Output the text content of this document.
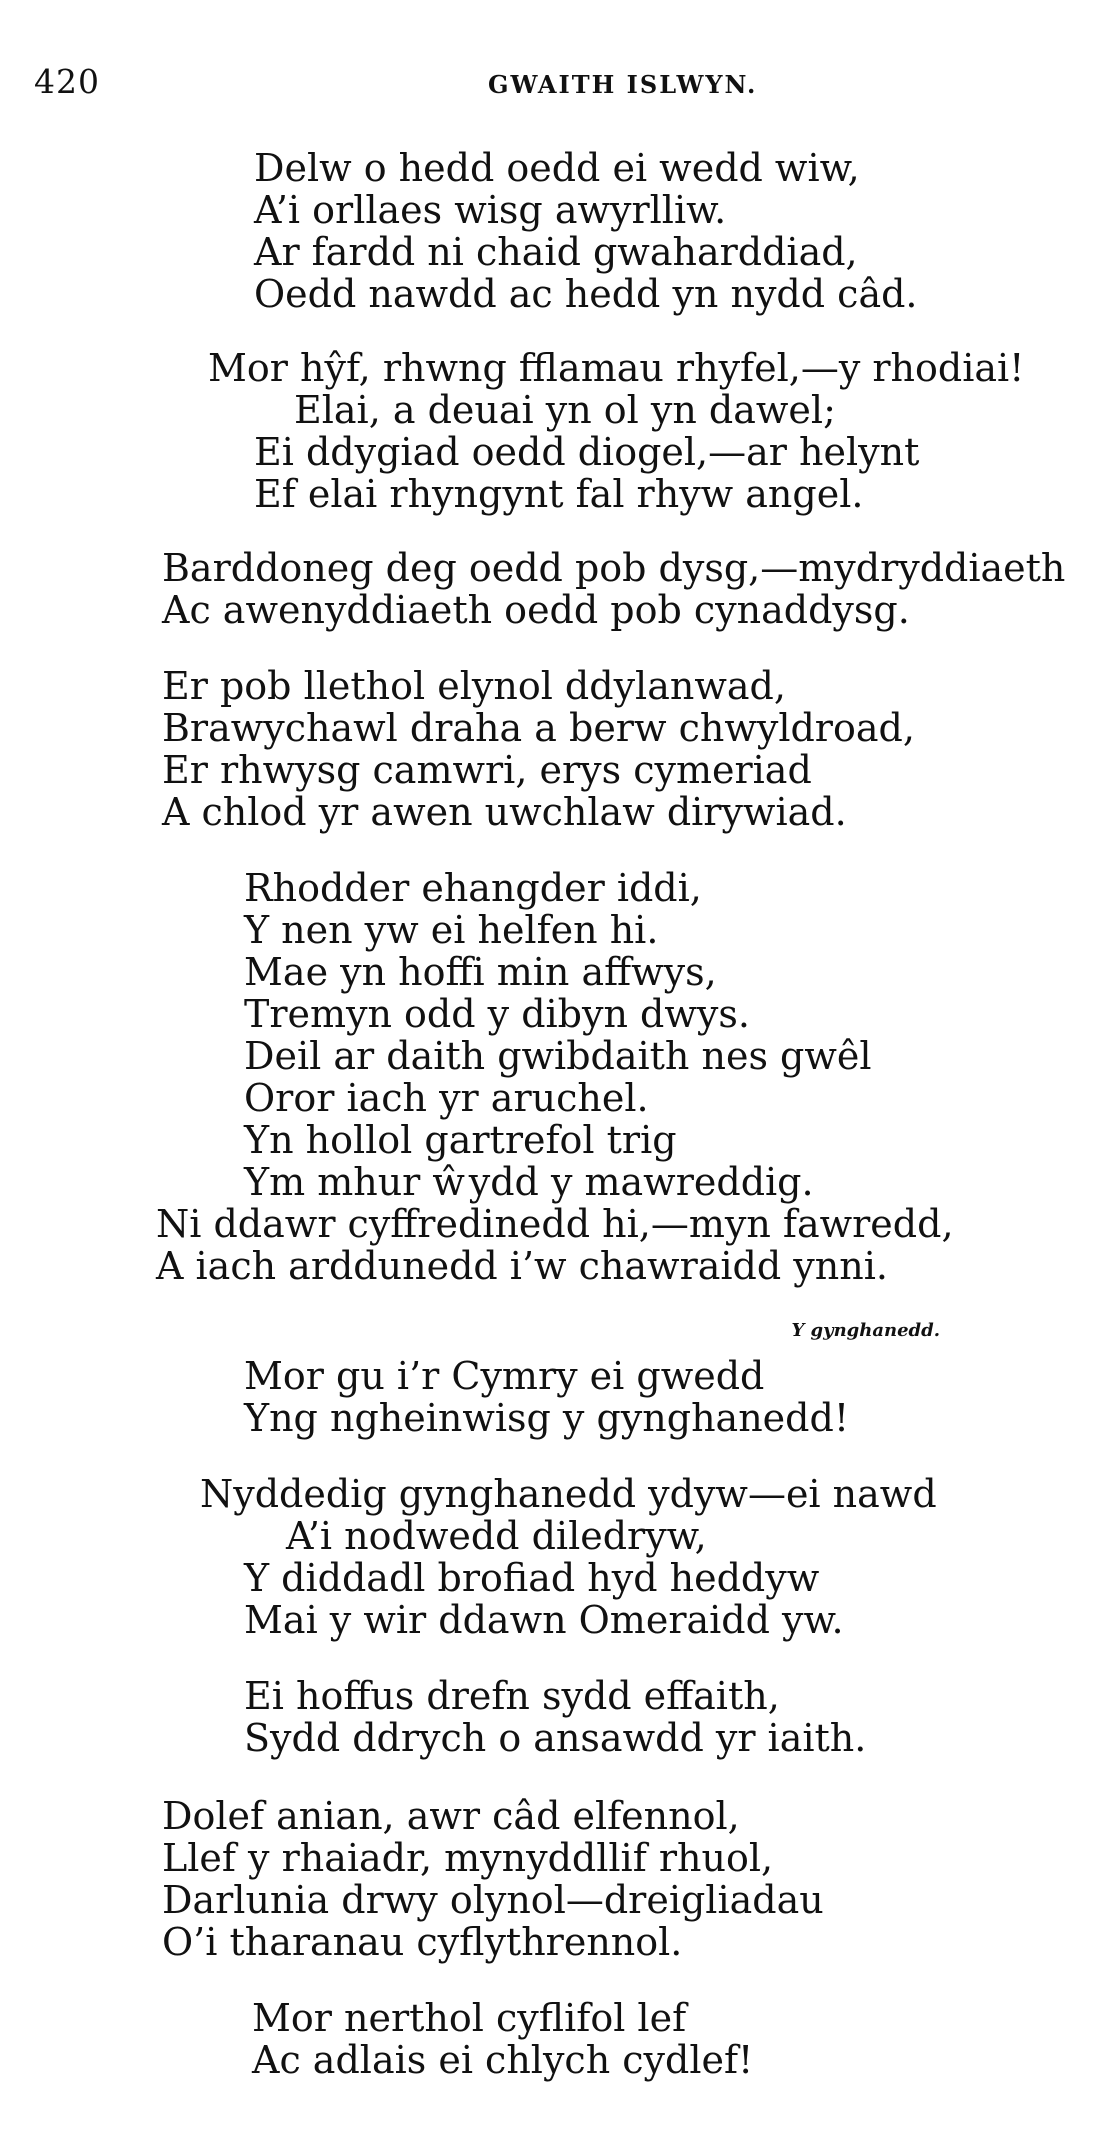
420	GWAITH ISLWYN.
Delw o hedd oedd ei wedd wiw,
A’i orllaes wisg awyrlliw.
Ar fardd ni chaid gwaharddiad,
Oedd nawdd ac hedd yn nydd câd.
Mor hŷf, rhwng fflamau rhyfel,—y rhodiai!
Elai, a deuai yn ol yn dawel;
Ei ddygiad oedd diogel,—ar helynt
Ef elai rhyngynt fal rhyw angel.
Barddoneg deg oedd pob dysg,—mydryddiaeth
Ac awenyddiaeth oedd pob cynaddysg.
Er pob llethol elynol ddylanwad,
Brawychawl draha a berw chwyldroad,
Er rhwysg camwri, erys cymeriad
A chlod yr awen uwchlaw dirywiad.
Rhodder ehangder iddi,
Y nen yw ei helfen hi.
Mae yn hoffi min affwys,
Tremyn odd y dibyn dwys.
Deil ar daith gwibdaith nes gwêl
Oror iach yr aruchel.
Yn hollol gartrefol trig
Ym mhur ŵydd y mawreddig.
Ni ddawr cyffredinedd hi,—myn fawredd,
A iach arddunedd i’w chawraidd ynni.
Y gynghanedd.
Mor gu i’r Cymry ei gwedd
Yng ngheinwisg y gynghanedd!
Nyddedig gynghanedd ydyw—ei nawd
A’i nodwedd diledryw,
Y diddadl brofiad hyd heddyw
Mai y wir ddawn Omeraidd yw.
Ei hoffus drefn sydd effaith,
Sydd ddrych o ansawdd yr iaith.
Dolef anian, awr câd elfennol,
Llef y rhaiadr, mynyddllif rhuol,
Darlunia drwy olynol—dreigliadau
O’i tharanau cyflythrennol.
Mor nerthol cyflifol lef
Ac adlais ei chlych cydlef!
